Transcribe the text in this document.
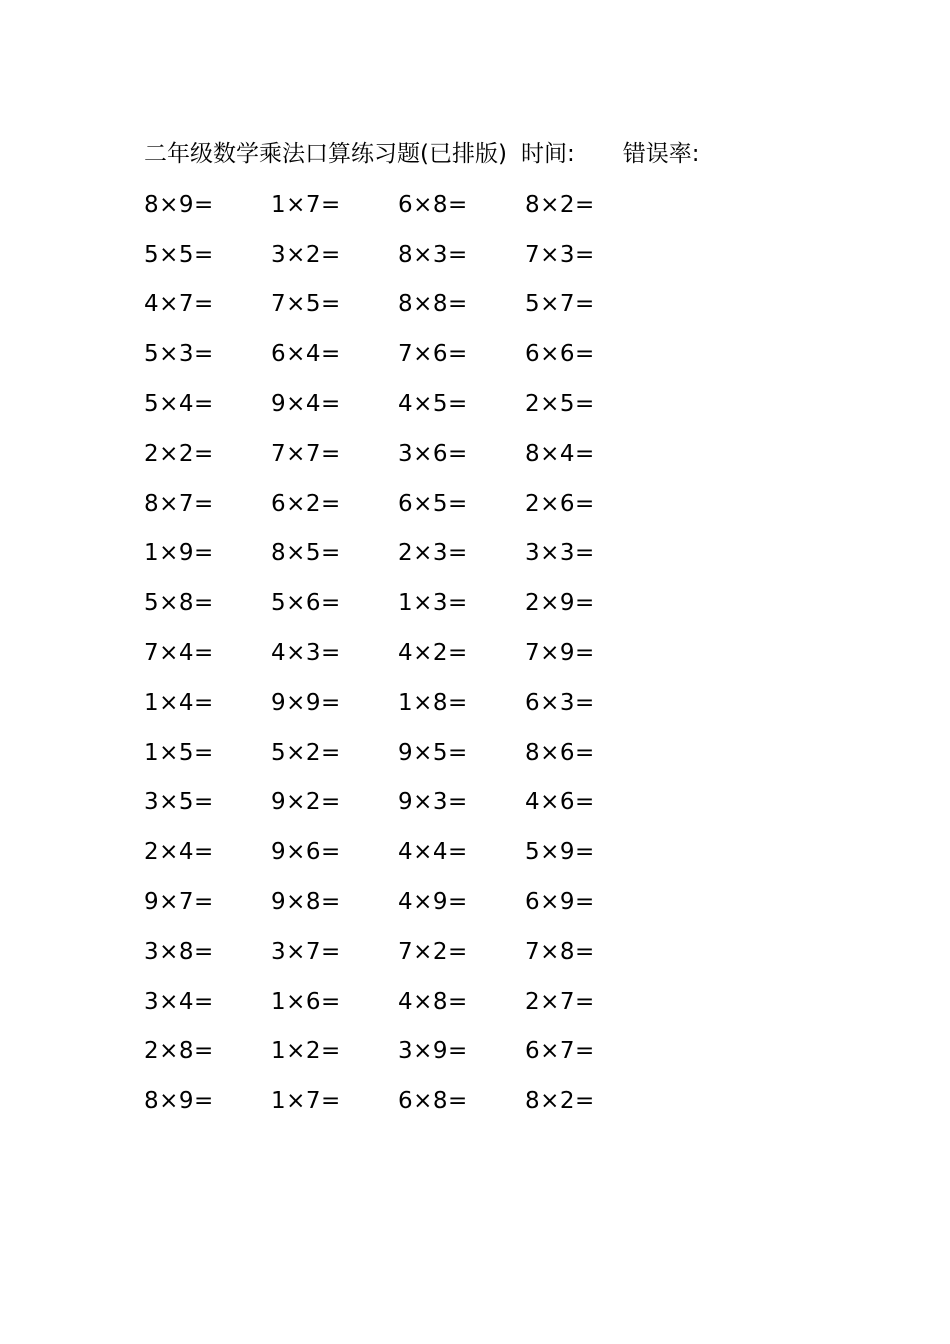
二年级数学乘法口算练习题(已排版) 时间: 错误率:
8×9=	1×7=	6×8=	8×2=
5×5=	3×2=	8×3=	7×3=
4×7=	7×5=	8×8=	5×7=
5×3=	6×4=	7×6=	6×6=
5×4=	9×4=	4×5=	2×5=
2×2=	7×7=	3×6=	8×4=
8×7=	6×2=	6×5=	2×6=
1×9=	8×5=	2×3=	3×3=
5×8=	5×6=	1×3=	2×9=
7×4=	4×3=	4×2=	7×9=
1×4=	9×9=	1×8=	6×3=
1×5=	5×2=	9×5=	8×6=
3×5=	9×2=	9×3=	4×6=
2×4=	9×6=	4×4=	5×9=
9×7=	9×8=	4×9=	6×9=
3×8=	3×7=	7×2=	7×8=
3×4=	1×6=	4×8=	2×7=
2×8=	1×2=	3×9=	6×7=
8×9=	1×7=	6×8=	8×2=
